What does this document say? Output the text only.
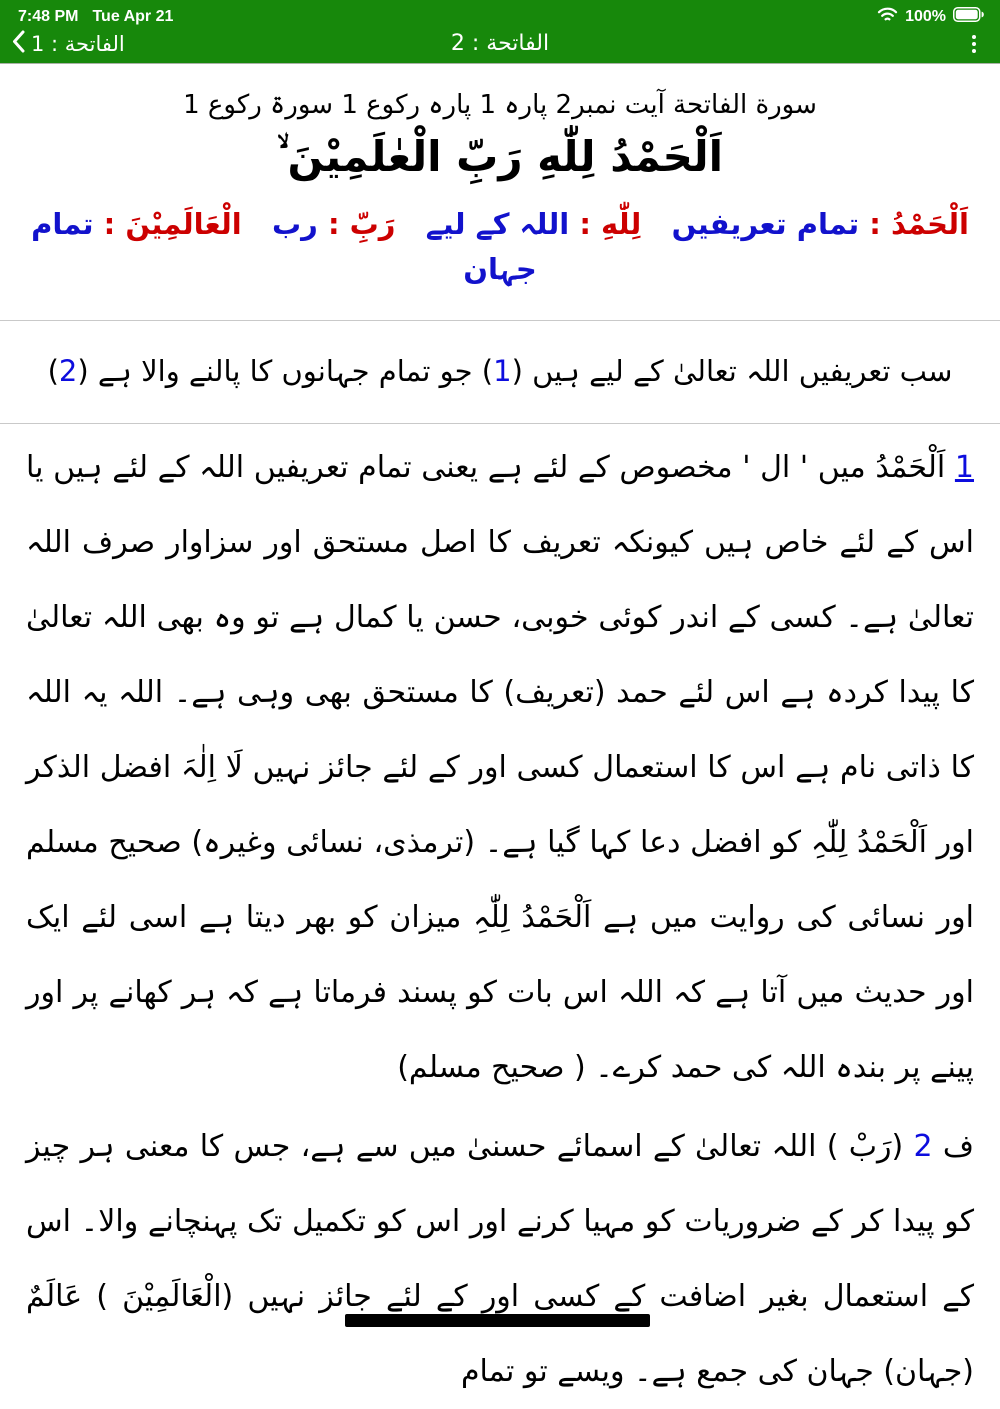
7:48 PM Tue Apr 21	100%
الفاتحة : 1	الفاتحة : 2
سورة الفاتحة آیت نمبر2 پارہ 1 پارہ رکوع 1 سورۃ رکوع 1
اَلْحَمْدُ لِلّٰهِ رَبِّ الْعٰلَمِيْنَ ۙ
اَلْحَمْدُ : تمام تعریفیں   لِلّٰهِ : اللہ کے لیے   رَبِّ : رب   الْعَالَمِيْنَ : تمام جہان
سب تعریفیں اللہ تعالیٰ کے لیے ہیں (1) جو تمام جہانوں کا پالنے والا ہے (2)

1 اَلْحَمْدُ میں ' ال ' مخصوص کے لئے ہے یعنی تمام تعریفیں اللہ کے لئے ہیں یا اس کے لئے خاص ہیں کیونکہ تعریف کا اصل مستحق اور سزاوار صرف اللہ تعالیٰ ہے۔ کسی کے اندر کوئی خوبی، حسن یا کمال ہے تو وہ بھی اللہ تعالیٰ کا پیدا کردہ ہے اس لئے حمد (تعریف) کا مستحق بھی وہی ہے۔ اللہ یہ اللہ کا ذاتی نام ہے اس کا استعمال کسی اور کے لئے جائز نہیں لَا اِلٰہَ افضل الذکر اور اَلْحَمْدُ لِلّٰہِ کو افضل دعا کہا گیا ہے۔ (ترمذی، نسائی وغیرہ) صحیح مسلم اور نسائی کی روایت میں ہے اَلْحَمْدُ لِلّٰہِ میزان کو بھر دیتا ہے اسی لئے ایک اور حدیث میں آتا ہے کہ اللہ اس بات کو پسند فرماتا ہے کہ ہر کھانے پر اور پینے پر بندہ اللہ کی حمد کرے۔ ( صحیح مسلم)

ف 2 (رَبْ ) اللہ تعالیٰ کے اسمائے حسنیٰ میں سے ہے، جس کا معنی ہر چیز کو پیدا کر کے ضروریات کو مہیا کرنے اور اس کو تکمیل تک پہنچانے والا۔ اس کے استعمال بغیر اضافت کے کسی اور کے لئے جائز نہیں (الْعَالَمِيْنَ ) عَالَمٌ (جہان) جہان کی جمع ہے۔ ویسے تو تمام
